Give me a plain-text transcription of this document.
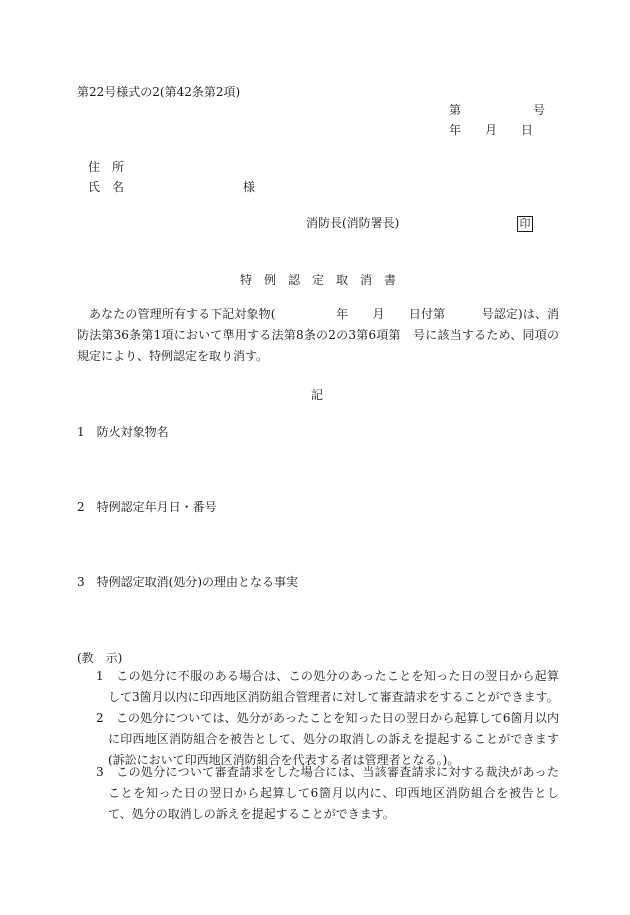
第22号様式の2(第42条第2項)
第　　　　　　号
年　　月　　日
住　所
氏　名	様
消防長(消防署長)	印
特　例　認　定　取　消　書
あなたの管理所有する下記対象物(　　　　　年　　月　　日付第　　　号認定)は、消防法第36条第1項において準用する法第8条の2の3第6項第　号に該当するため、同項の規定により、特例認定を取り消す。
記
1　防火対象物名
2　特例認定年月日・番号
3　特例認定取消(処分)の理由となる事実
(教　示)
1　この処分に不服のある場合は、この処分のあったことを知った日の翌日から起算して3箇月以内に印西地区消防組合管理者に対して審査請求をすることができます。
2　この処分については、処分があったことを知った日の翌日から起算して6箇月以内に印西地区消防組合を被告として、処分の取消しの訴えを提起することができます(訴訟において印西地区消防組合を代表する者は管理者となる。)。
3　この処分について審査請求をした場合には、当該審査請求に対する裁決があったことを知った日の翌日から起算して6箇月以内に、印西地区消防組合を被告として、処分の取消しの訴えを提起することができます。
